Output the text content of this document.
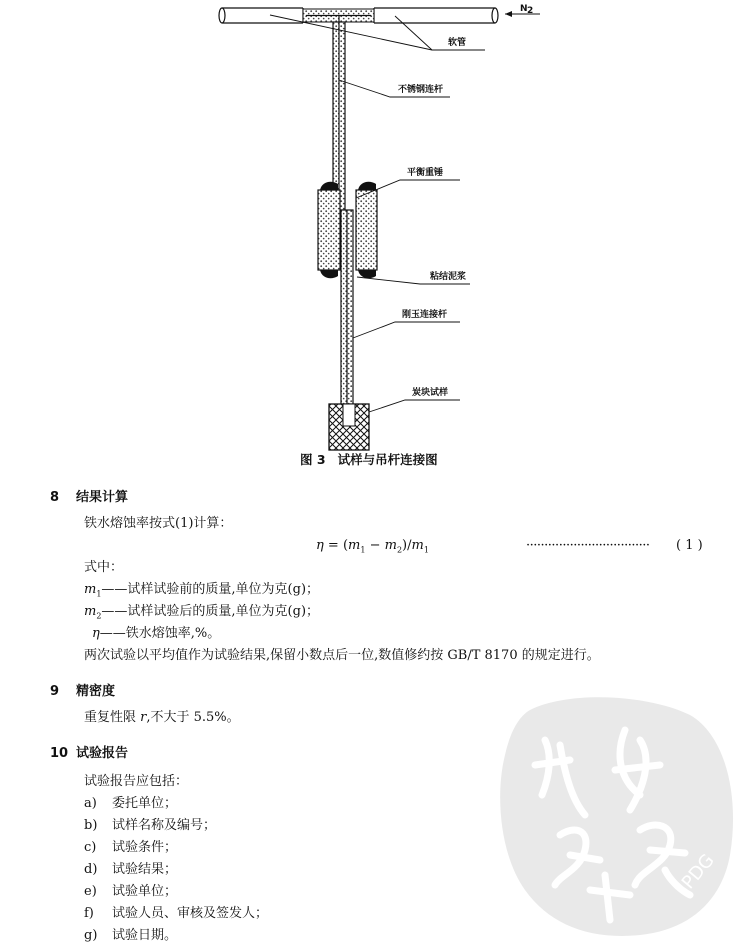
N 2
软管
不锈钢连杆
平衡重锤
粘结泥浆
刚玉连接杆
炭块试样
图 3 试样与吊杆连接图
8 结果计算
铁水熔蚀率按式(1)计算：
$\eta = (m_1 - m_2)/m_1$	·································· ( 1 )
式中：
$m_1——$试样试验前的质量,单位为克(g)；
$m_2——$试样试验后的质量,单位为克(g)；
η——铁水熔蚀率,%。
两次试验以平均值作为试验结果,保留小数点后一位,数值修约按 GB/T 8170 的规定进行。
9 精密度
重复性限 r,不大于 5.5%。
10 试验报告
试验报告应包括：
a) 委托单位；
b) 试样名称及编号；
c) 试验条件；
d) 试验结果；
e) 试验单位；
f) 试验人员、审核及签发人；
g) 试验日期。
PDG
